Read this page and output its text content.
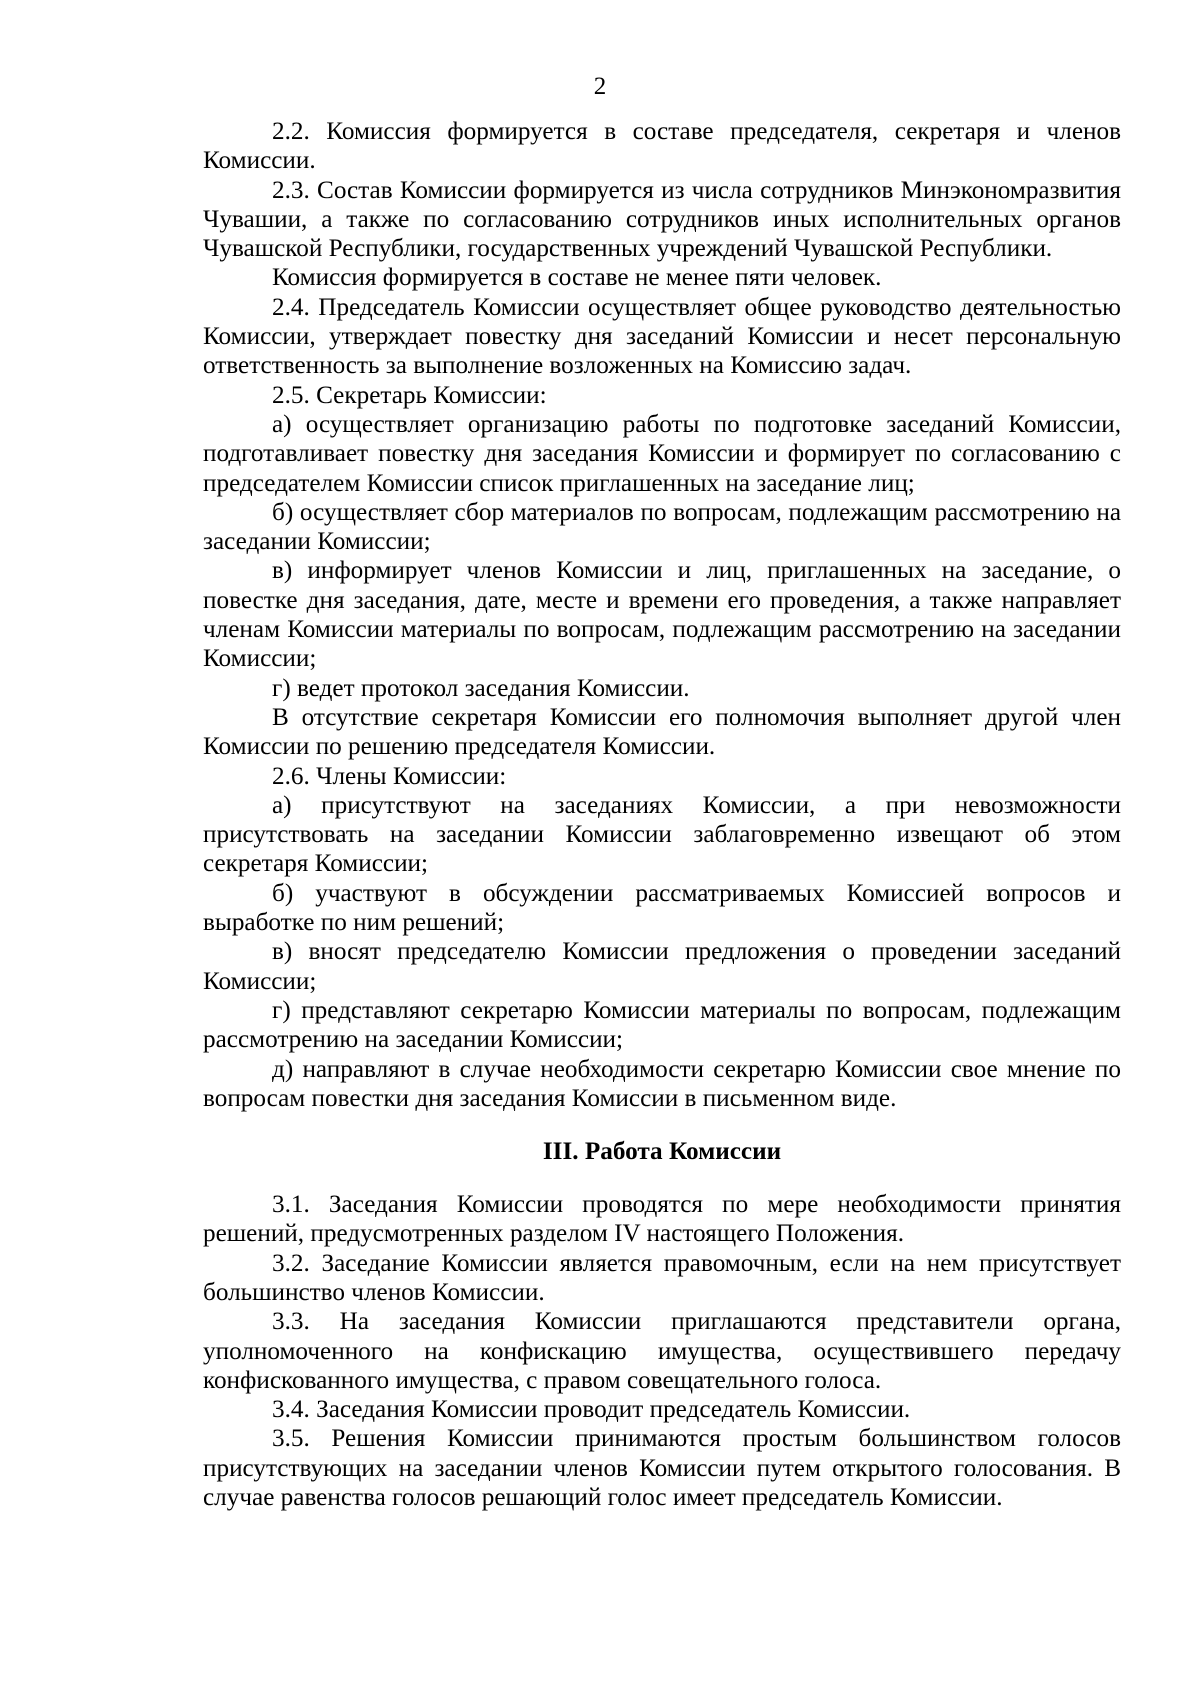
2

2.2. Комиссия формируется в составе председателя, секретаря и членов Комиссии.

2.3. Состав Комиссии формируется из числа сотрудников Минэкономразвития Чувашии, а также по согласованию сотрудников иных исполнительных органов Чувашской Республики, государственных учреждений Чувашской Республики.

Комиссия формируется в составе не менее пяти человек.

2.4. Председатель Комиссии осуществляет общее руководство деятельностью Комиссии, утверждает повестку дня заседаний Комиссии и несет персональную ответственность за выполнение возложенных на Комиссию задач.

2.5. Секретарь Комиссии:

а) осуществляет организацию работы по подготовке заседаний Комиссии, подготавливает повестку дня заседания Комиссии и формирует по согласованию с председателем Комиссии список приглашенных на заседание лиц;

б) осуществляет сбор материалов по вопросам, подлежащим рассмотрению на заседании Комиссии;

в) информирует членов Комиссии и лиц, приглашенных на заседание, о повестке дня заседания, дате, месте и времени его проведения, а также направляет членам Комиссии материалы по вопросам, подлежащим рассмотрению на заседании Комиссии;

г) ведет протокол заседания Комиссии.

В отсутствие секретаря Комиссии его полномочия выполняет другой член Комиссии по решению председателя Комиссии.

2.6. Члены Комиссии:

а) присутствуют на заседаниях Комиссии, а при невозможности присутствовать на заседании Комиссии заблаговременно извещают об этом секретаря Комиссии;

б) участвуют в обсуждении рассматриваемых Комиссией вопросов и выработке по ним решений;

в) вносят председателю Комиссии предложения о проведении заседаний Комиссии;

г) представляют секретарю Комиссии материалы по вопросам, подлежащим рассмотрению на заседании Комиссии;

д) направляют в случае необходимости секретарю Комиссии свое мнение по вопросам повестки дня заседания Комиссии в письменном виде.

III. Работа Комиссии

3.1. Заседания Комиссии проводятся по мере необходимости принятия решений, предусмотренных разделом IV настоящего Положения.

3.2. Заседание Комиссии является правомочным, если на нем присутствует большинство членов Комиссии.

3.3. На заседания Комиссии приглашаются представители органа, уполномоченного на конфискацию имущества, осуществившего передачу конфискованного имущества, с правом совещательного голоса.

3.4. Заседания Комиссии проводит председатель Комиссии.

3.5. Решения Комиссии принимаются простым большинством голосов присутствующих на заседании членов Комиссии путем открытого голосования. В случае равенства голосов решающий голос имеет председатель Комиссии.
